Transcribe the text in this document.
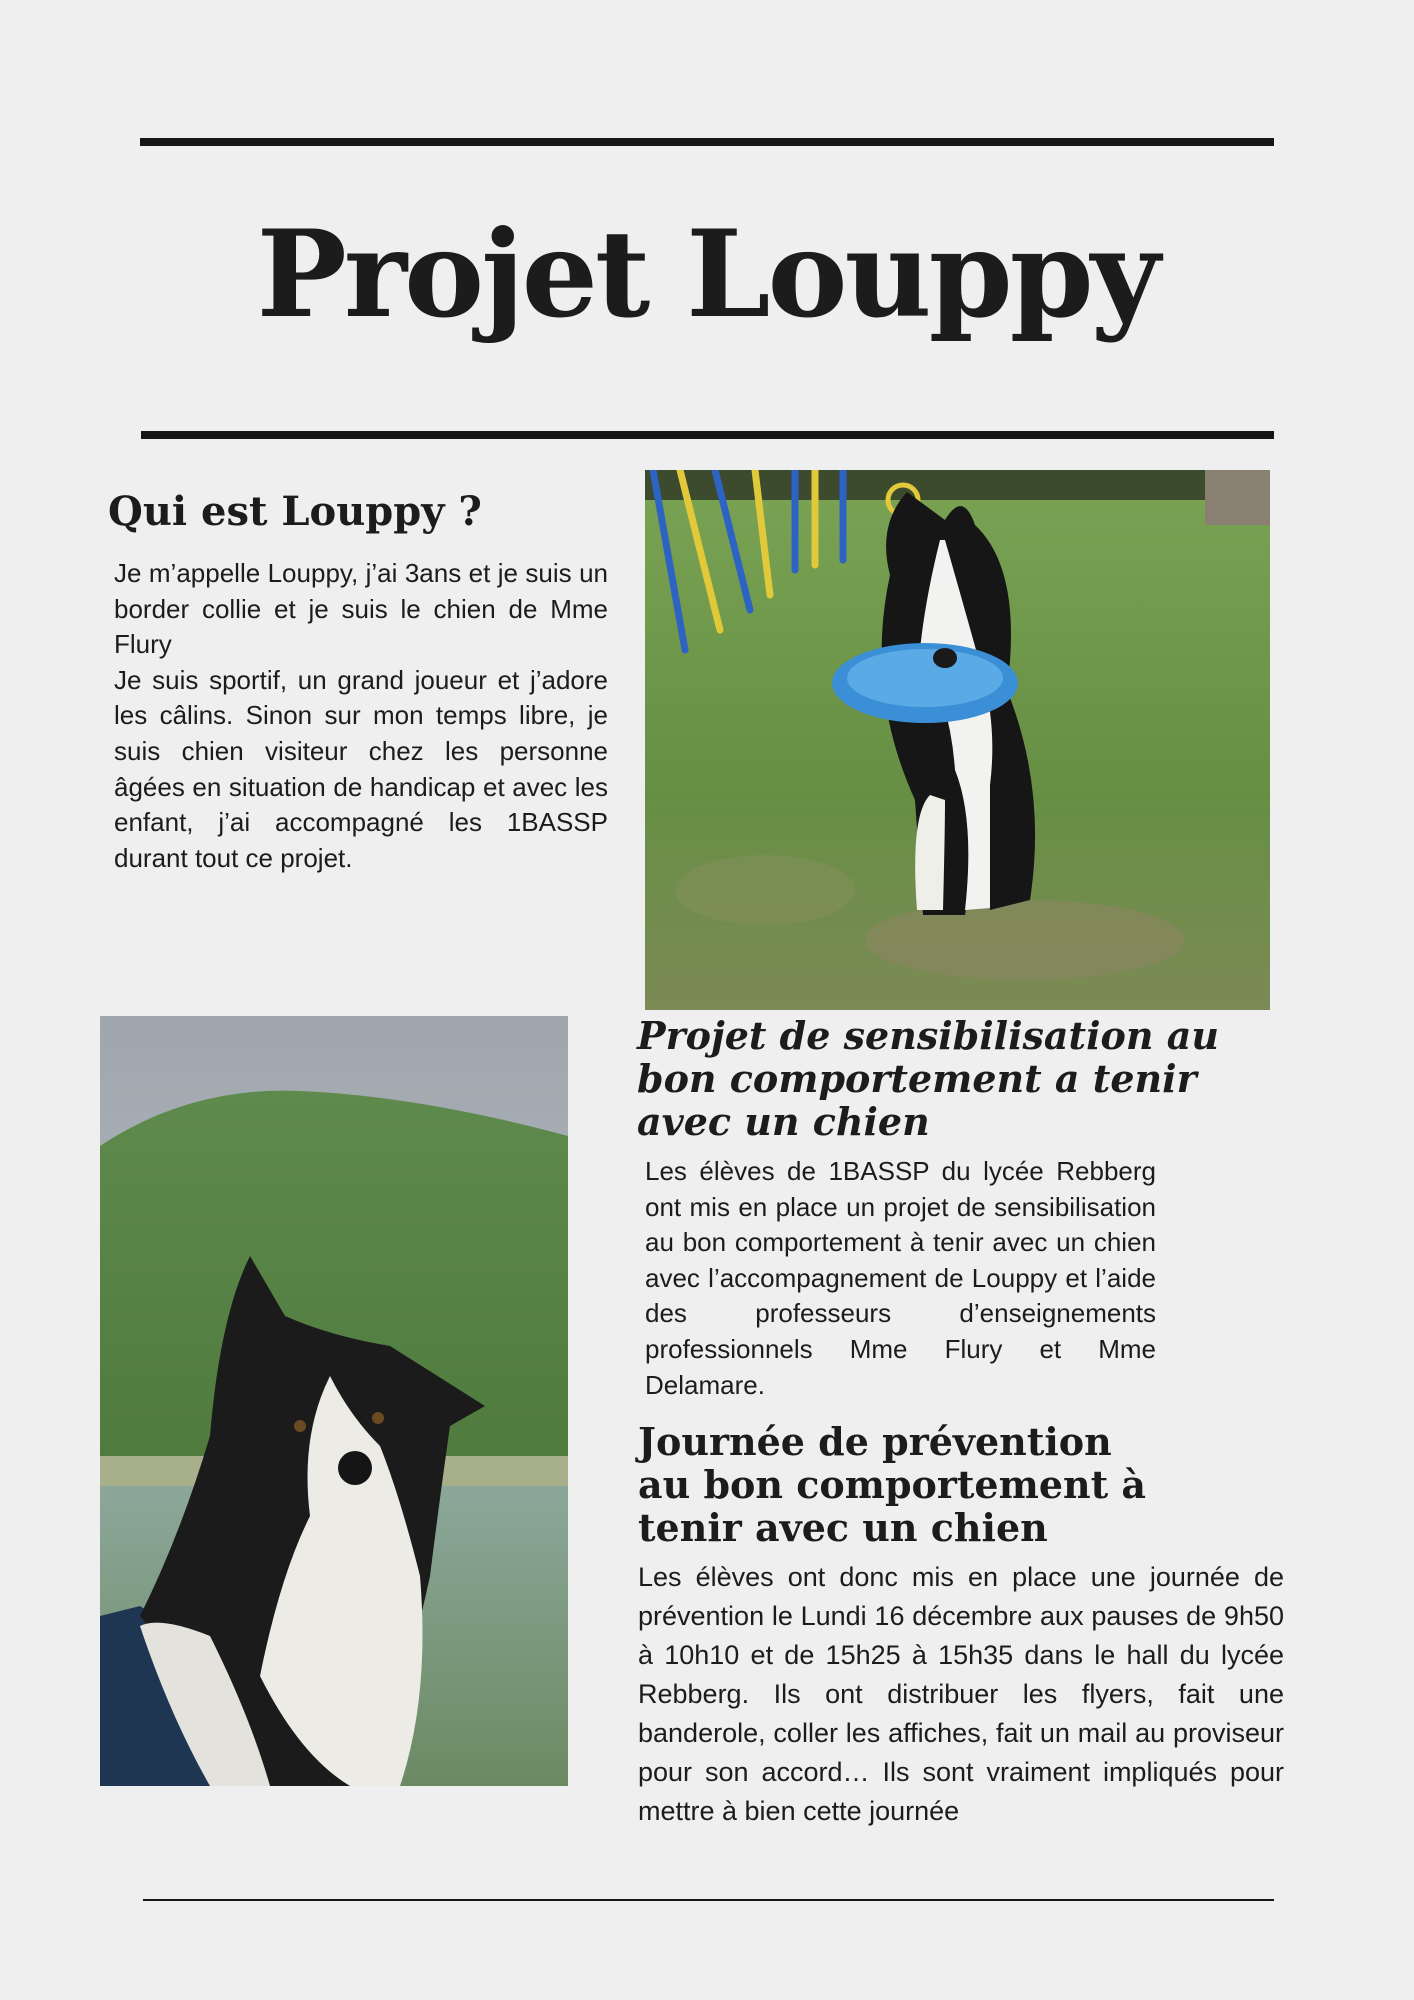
Projet Louppy
Qui est Louppy ?
Je m’appelle Louppy, j’ai 3ans et je suis un border collie et je suis le chien de Mme Flury
Je suis sportif, un grand joueur et j’adore les câlins. Sinon sur mon temps libre, je suis chien visiteur chez les personne âgées en situation de handicap et avec les enfant, j’ai accompagné les 1BASSP durant tout ce projet.
Projet de sensibilisation au bon comportement a tenir avec un chien

Les élèves de 1BASSP du lycée Rebberg ont mis en place un projet de sensibilisation au bon comportement à tenir avec un chien avec l’accompagnement de Louppy et l’aide des professeurs d’enseignements professionnels Mme Flury et Mme Delamare.

Journée de prévention au bon comportement à tenir avec un chien

Les élèves ont donc mis en place une journée de prévention le Lundi 16 décembre aux pauses de 9h50 à 10h10 et de 15h25 à 15h35 dans le hall du lycée Rebberg. Ils ont distribuer les flyers, fait une banderole, coller les affiches, fait un mail au proviseur pour son accord… Ils sont vraiment impliqués pour mettre à bien cette journée
